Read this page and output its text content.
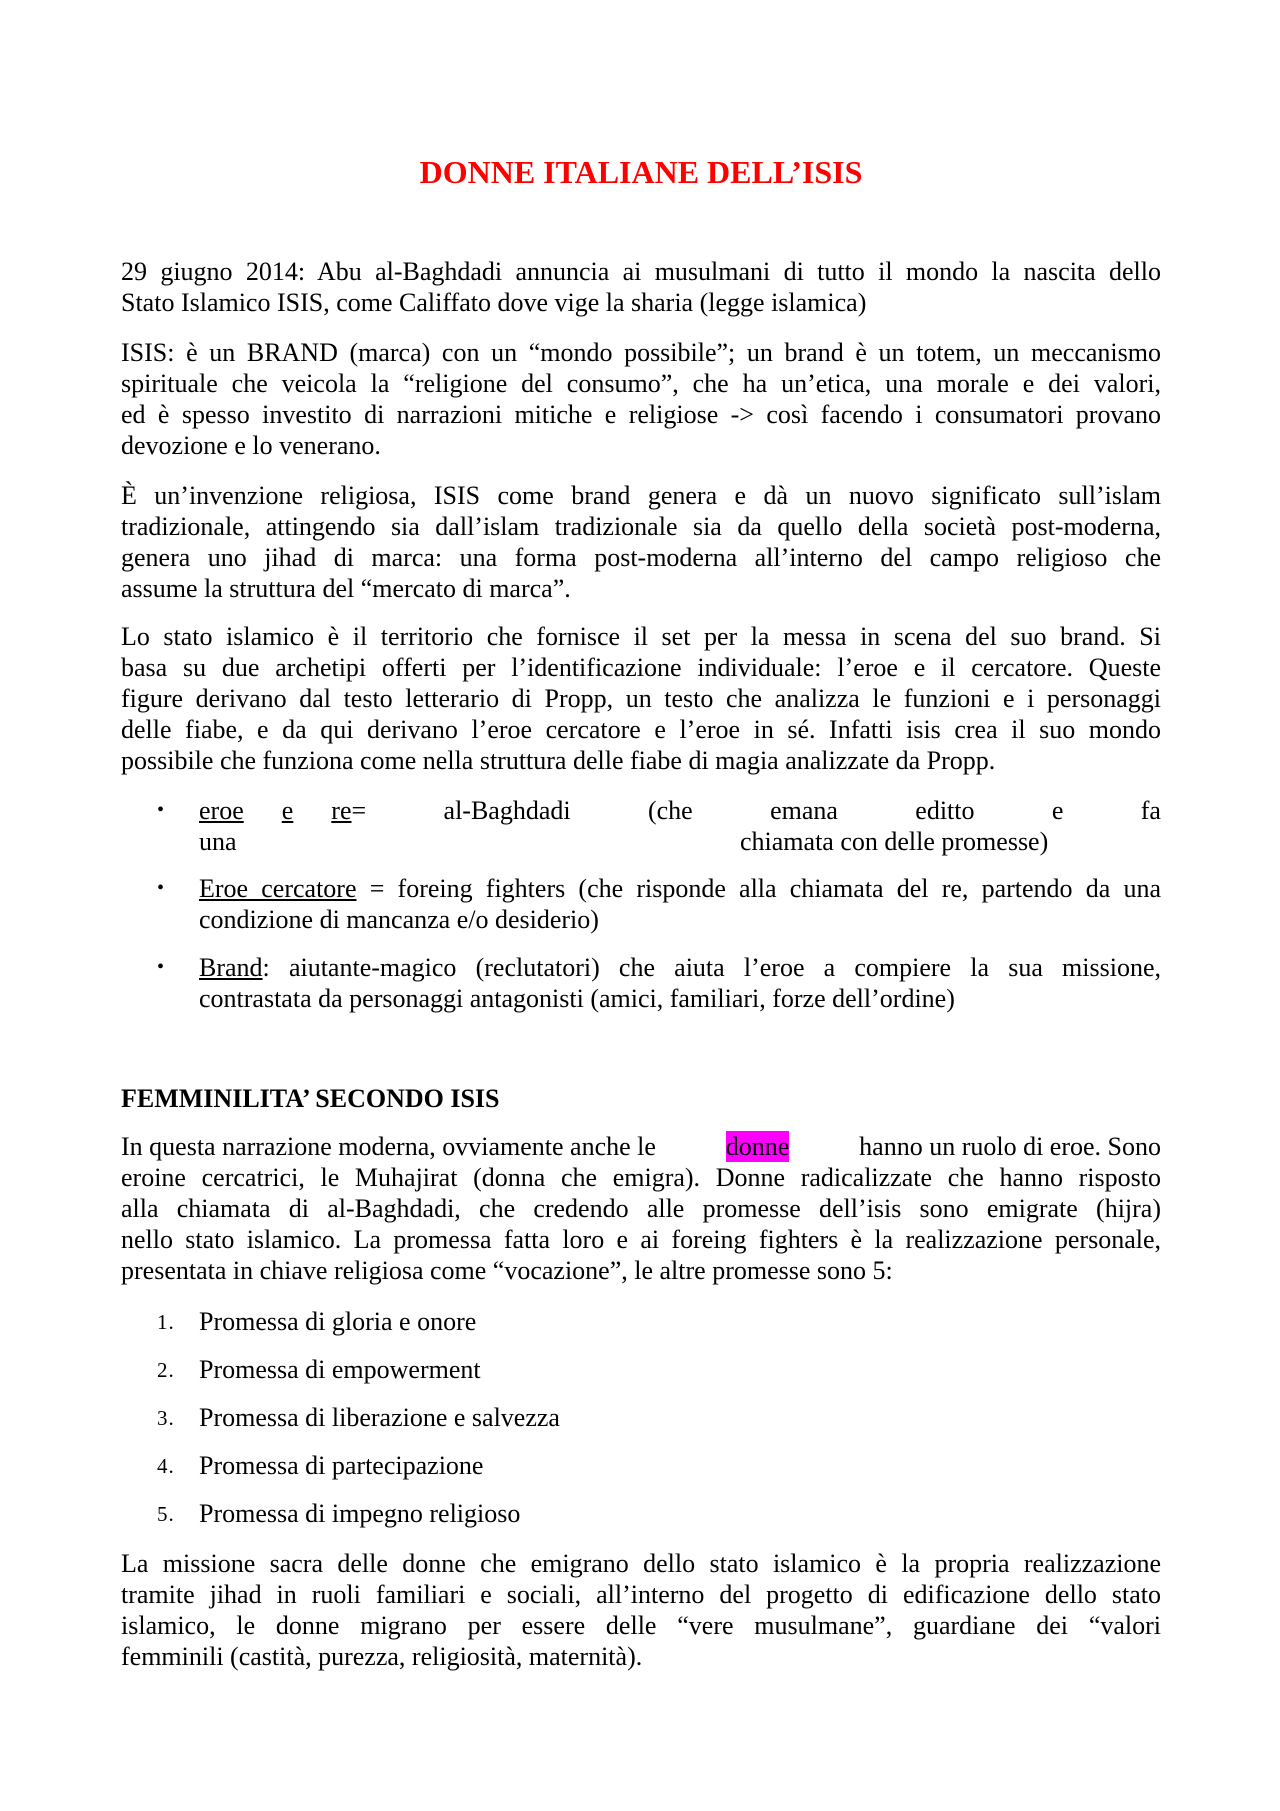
DONNE ITALIANE DELL’ISIS
29 giugno 2014: Abu al-Baghdadi annuncia ai musulmani di tutto il mondo la nascita dello
Stato Islamico ISIS, come Califfato dove vige la sharia (legge islamica)
ISIS: è un BRAND (marca) con un “mondo possibile”; un brand è un totem, un meccanismo
spirituale che veicola la “religione del consumo”, che ha un’etica, una morale e dei valori,
ed è spesso investito di narrazioni mitiche e religiose -> così facendo i consumatori provano
devozione e lo venerano.
È un’invenzione religiosa, ISIS come brand genera e dà un nuovo significato sull’islam
tradizionale, attingendo sia dall’islam tradizionale sia da quello della società post-moderna,
genera uno jihad di marca: una forma post-moderna all’interno del campo religioso che
assume la struttura del “mercato di marca”.
Lo stato islamico è il territorio che fornisce il set per la messa in scena del suo brand. Si
basa su due archetipi offerti per l’identificazione individuale: l’eroe e il cercatore. Queste
figure derivano dal testo letterario di Propp, un testo che analizza le funzioni e i personaggi
delle fiabe, e da qui derivano l’eroe cercatore e l’eroe in sé. Infatti isis crea il suo mondo
possibile che funziona come nella struttura delle fiabe di magia analizzate da Propp.
• eroe e re=	al-Baghdadi	(che	emana	editto	e	fa
una	chiamata con delle promesse)
• Eroe cercatore = foreing fighters (che risponde alla chiamata del re, partendo da una
condizione di mancanza e/o desiderio)
• Brand: aiutante-magico (reclutatori) che aiuta l’eroe a compiere la sua missione,
contrastata da personaggi antagonisti (amici, familiari, forze dell’ordine)
FEMMINILITA’ SECONDO ISIS
In questa narrazione moderna, ovviamente anche le	donne	hanno un ruolo di eroe. Sono
eroine cercatrici, le Muhajirat (donna che emigra). Donne radicalizzate che hanno risposto
alla chiamata di al-Baghdadi, che credendo alle promesse dell’isis sono emigrate (hijra)
nello stato islamico. La promessa fatta loro e ai foreing fighters è la realizzazione personale,
presentata in chiave religiosa come “vocazione”, le altre promesse sono 5:
1. Promessa di gloria e onore
2. Promessa di empowerment
3. Promessa di liberazione e salvezza
4. Promessa di partecipazione
5. Promessa di impegno religioso
La missione sacra delle donne che emigrano dello stato islamico è la propria realizzazione
tramite jihad in ruoli familiari e sociali, all’interno del progetto di edificazione dello stato
islamico, le donne migrano per essere delle “vere musulmane”, guardiane dei “valori
femminili (castità, purezza, religiosità, maternità).
